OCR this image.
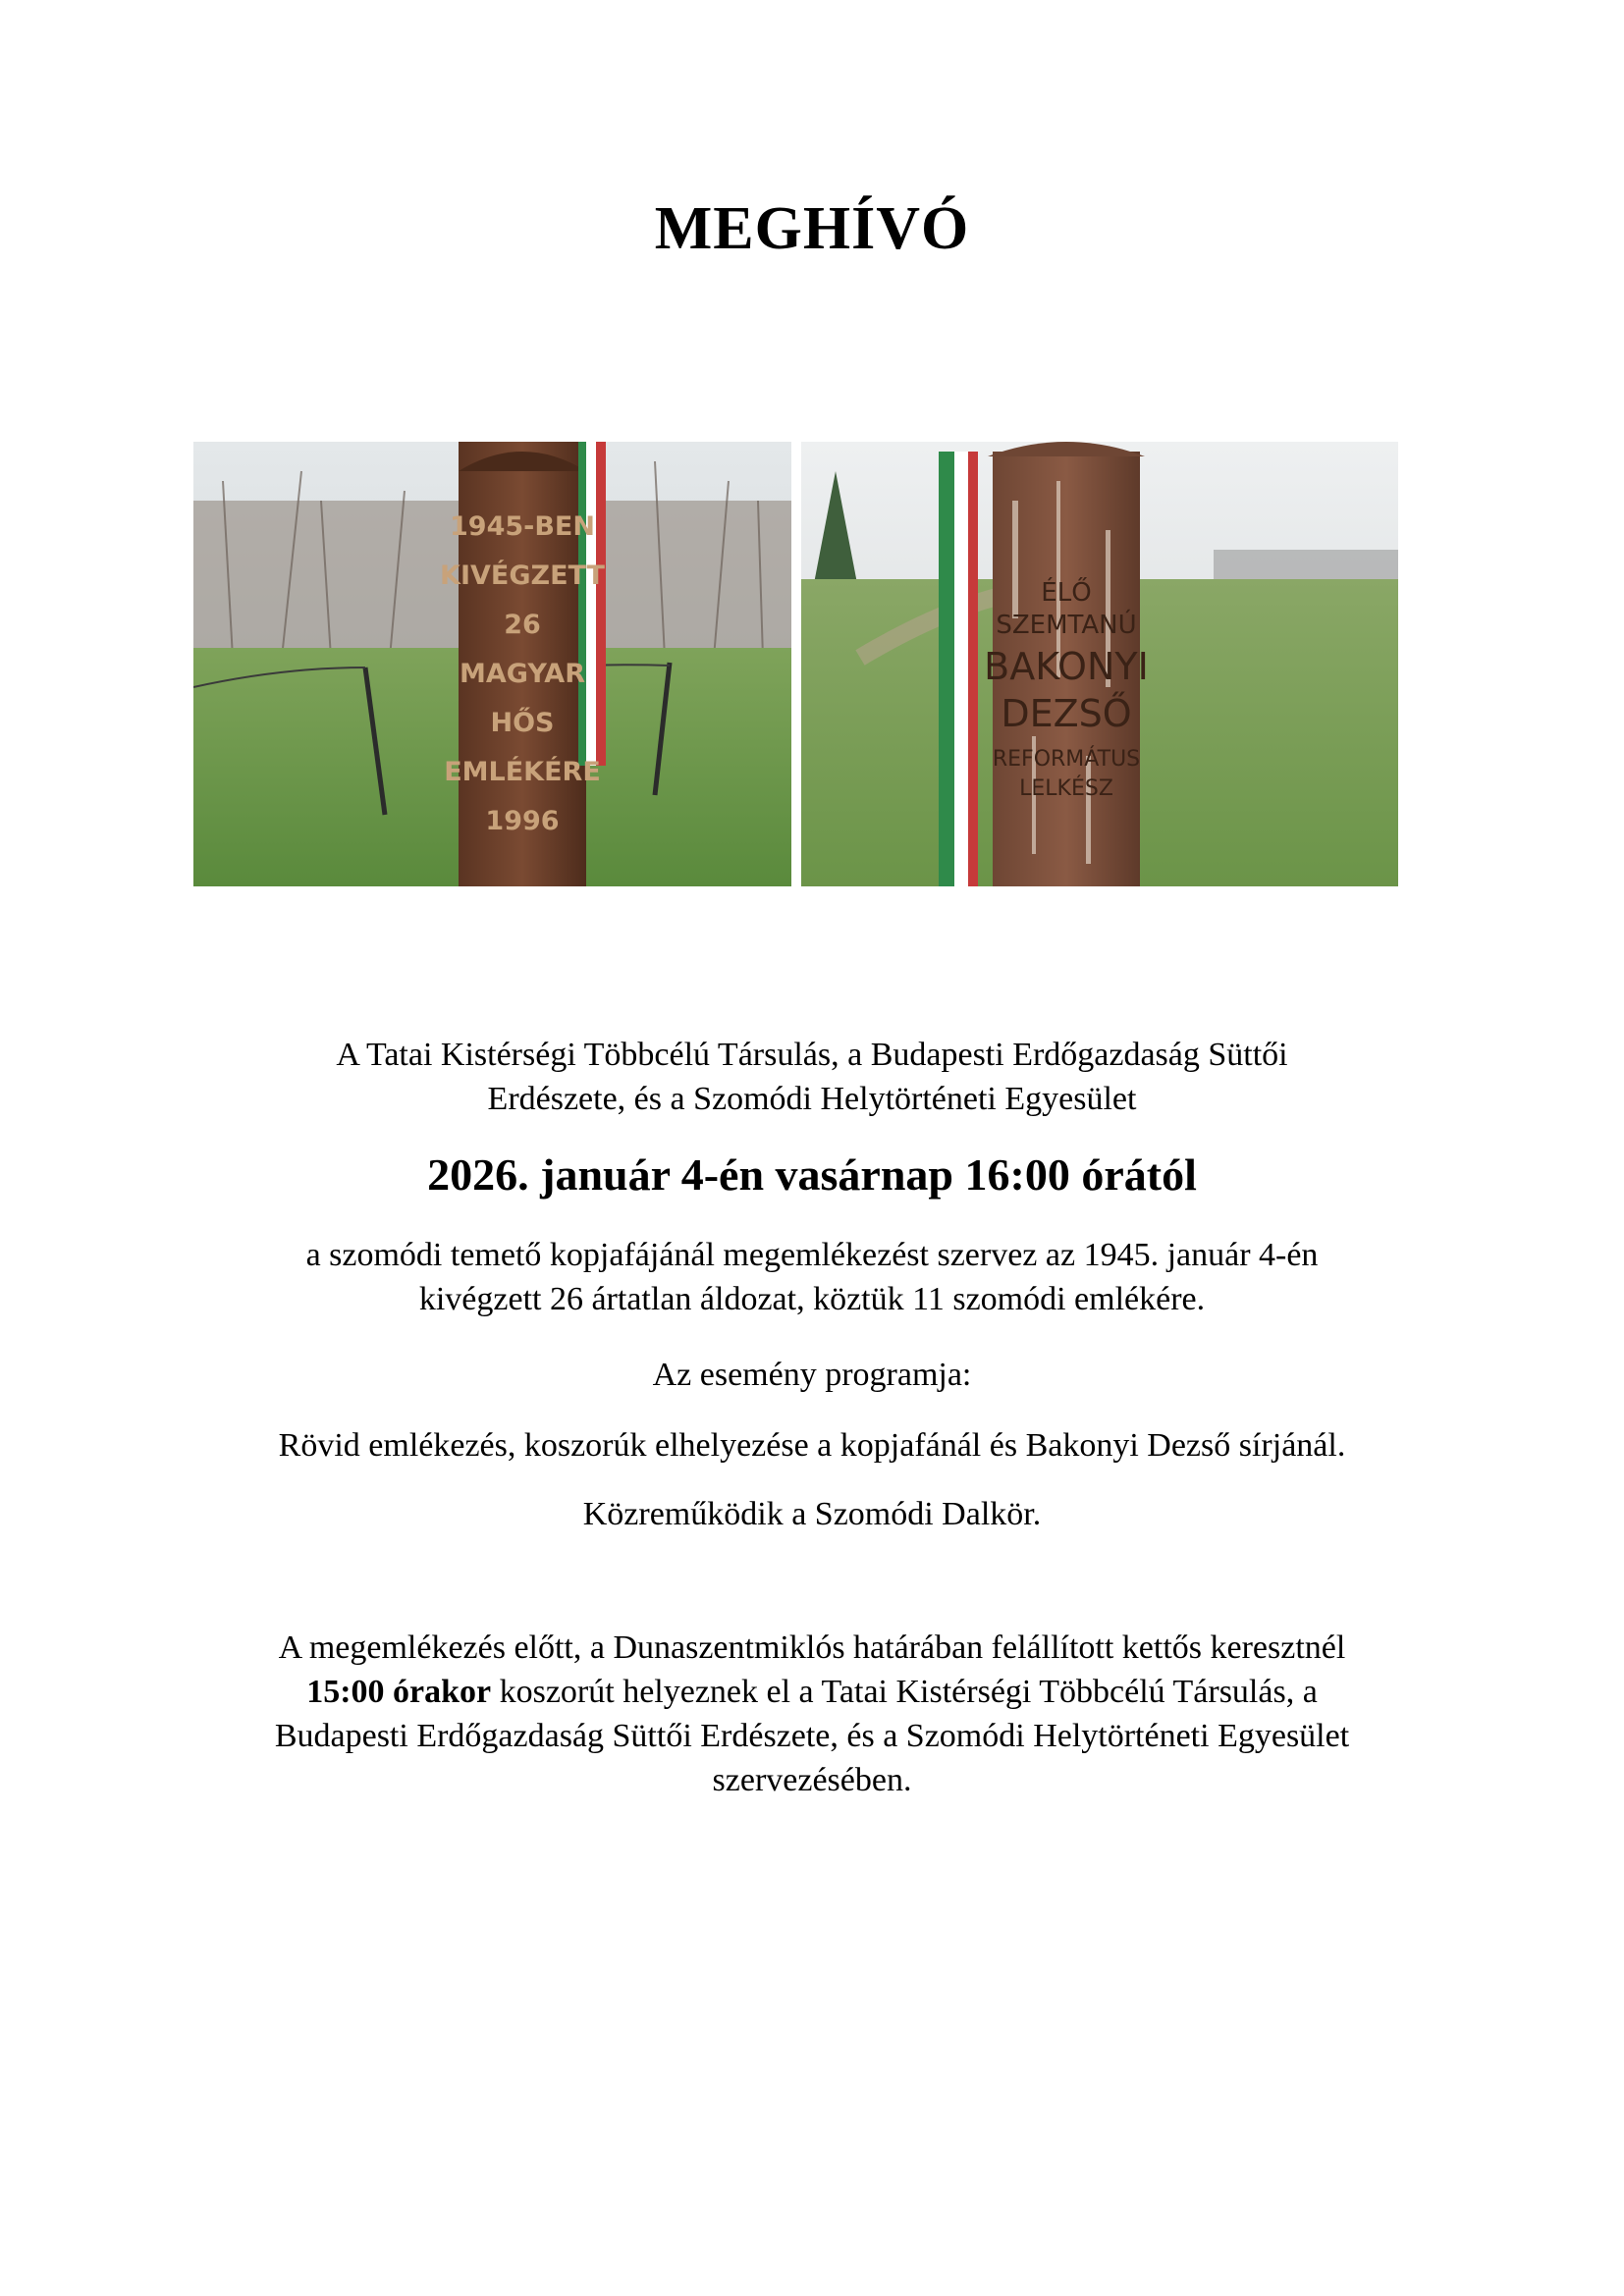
MEGHÍVÓ
1945-BEN
KIVÉGZETT
26
MAGYAR
HŐS
EMLÉKÉRE
1996
ÉLŐ
SZEMTANÚ
BAKONYI
DEZSŐ
REFORMÁTUS
LELKÉSZ

A Tatai Kistérségi Többcélú Társulás, a Budapesti Erdőgazdaság Süttői
Erdészete, és a Szomódi Helytörténeti Egyesület

2026. január 4-én vasárnap 16:00 órától

a szomódi temető kopjafájánál megemlékezést szervez az 1945. január 4-én
kivégzett 26 ártatlan áldozat, köztük 11 szomódi emlékére.

Az esemény programja:

Rövid emlékezés, koszorúk elhelyezése a kopjafánál és Bakonyi Dezső sírjánál.

Közreműködik a Szomódi Dalkör.

A megemlékezés előtt, a Dunaszentmiklós határában felállított kettős keresztnél
15:00 órakor koszorút helyeznek el a Tatai Kistérségi Többcélú Társulás, a
Budapesti Erdőgazdaság Süttői Erdészete, és a Szomódi Helytörténeti Egyesület
szervezésében.
